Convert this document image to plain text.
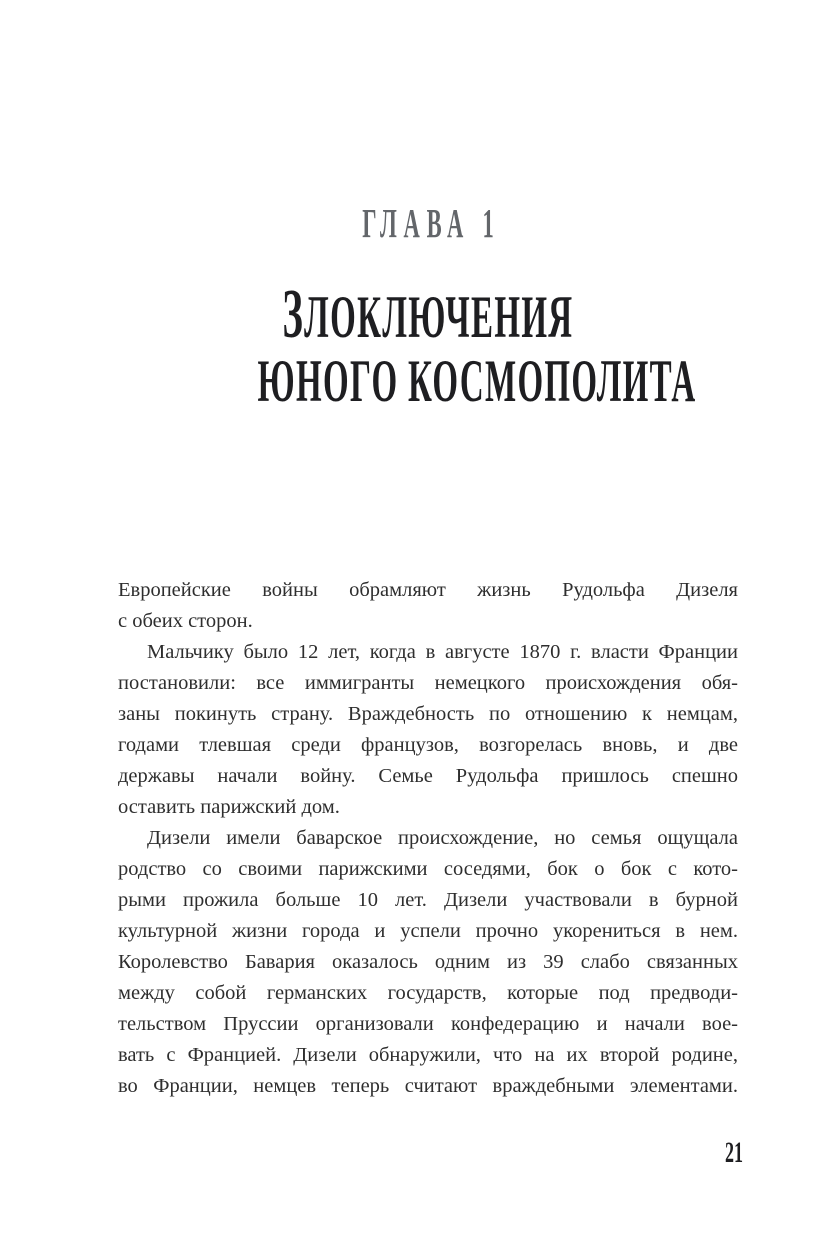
ГЛАВА 1
ЗЛОКЛЮЧЕНИЯ
ЮНОГО КОСМОПОЛИТА

Европейские войны обрамляют жизнь Рудольфа Дизеля
с обеих сторон.

Мальчику было 12 лет, когда в августе 1870 г. власти Франции
постановили: все иммигранты немецкого происхождения обя-
заны покинуть страну. Враждебность по отношению к немцам,
годами тлевшая среди французов, возгорелась вновь, и две
державы начали войну. Семье Рудольфа пришлось спешно
оставить парижский дом.

Дизели имели баварское происхождение, но семья ощущала
родство со своими парижскими соседями, бок о бок с кото-
рыми прожила больше 10 лет. Дизели участвовали в бурной
культурной жизни города и успели прочно укорениться в нем.
Королевство Бавария оказалось одним из 39 слабо связанных
между собой германских государств, которые под предводи-
тельством Пруссии организовали конфедерацию и начали вое-
вать с Францией. Дизели обнаружили, что на их второй родине,
во Франции, немцев теперь считают враждебными элементами.

21
